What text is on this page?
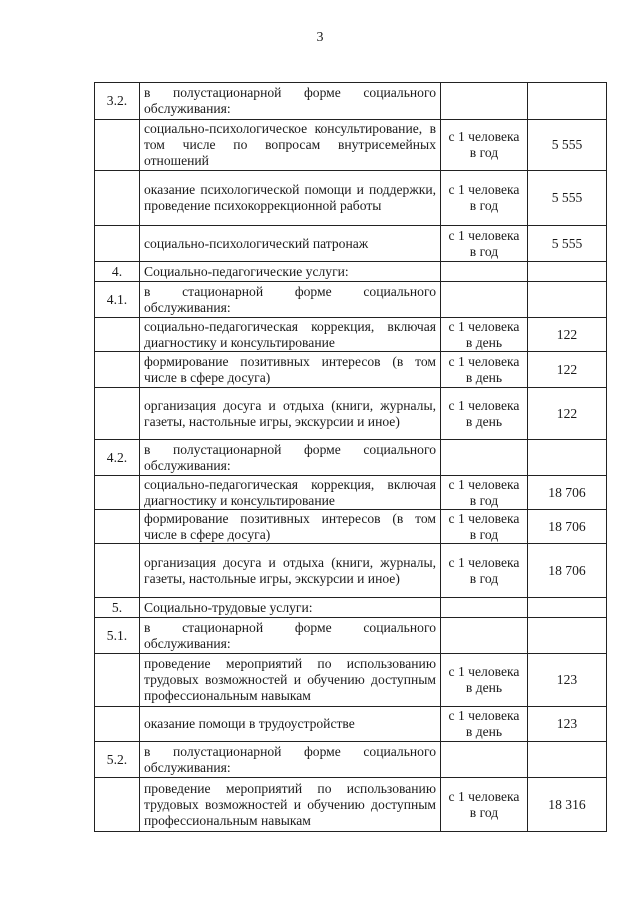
3
3.2.	в полустационарной форме социального обслуживания:		
	социально-психологическое консультирование, в том числе по вопросам внутрисемейных отношений	с 1 человека в год	5 555
	оказание психологической помощи и поддержки, проведение психокоррекционной работы	с 1 человека в год	5 555
	социально-психологический патронаж	с 1 человека в год	5 555
4.	Социально-педагогические услуги:		
4.1.	в стационарной форме социального обслуживания:		
	социально-педагогическая коррекция, включая диагностику и консультирование	с 1 человека в день	122
	формирование позитивных интересов (в том числе в сфере досуга)	с 1 человека в день	122
	организация досуга и отдыха (книги, журналы, газеты, настольные игры, экскурсии и иное)	с 1 человека в день	122
4.2.	в полустационарной форме социального обслуживания:		
	социально-педагогическая коррекция, включая диагностику и консультирование	с 1 человека в год	18 706
	формирование позитивных интересов (в том числе в сфере досуга)	с 1 человека в год	18 706
	организация досуга и отдыха (книги, журналы, газеты, настольные игры, экскурсии и иное)	с 1 человека в год	18 706
5.	Социально-трудовые услуги:		
5.1.	в стационарной форме социального обслуживания:		
	проведение мероприятий по использованию трудовых возможностей и обучению доступным профессиональным навыкам	с 1 человека в день	123
	оказание помощи в трудоустройстве	с 1 человека в день	123
5.2.	в полустационарной форме социального обслуживания:		
	проведение мероприятий по использованию трудовых возможностей и обучению доступным профессиональным навыкам	с 1 человека в год	18 316
